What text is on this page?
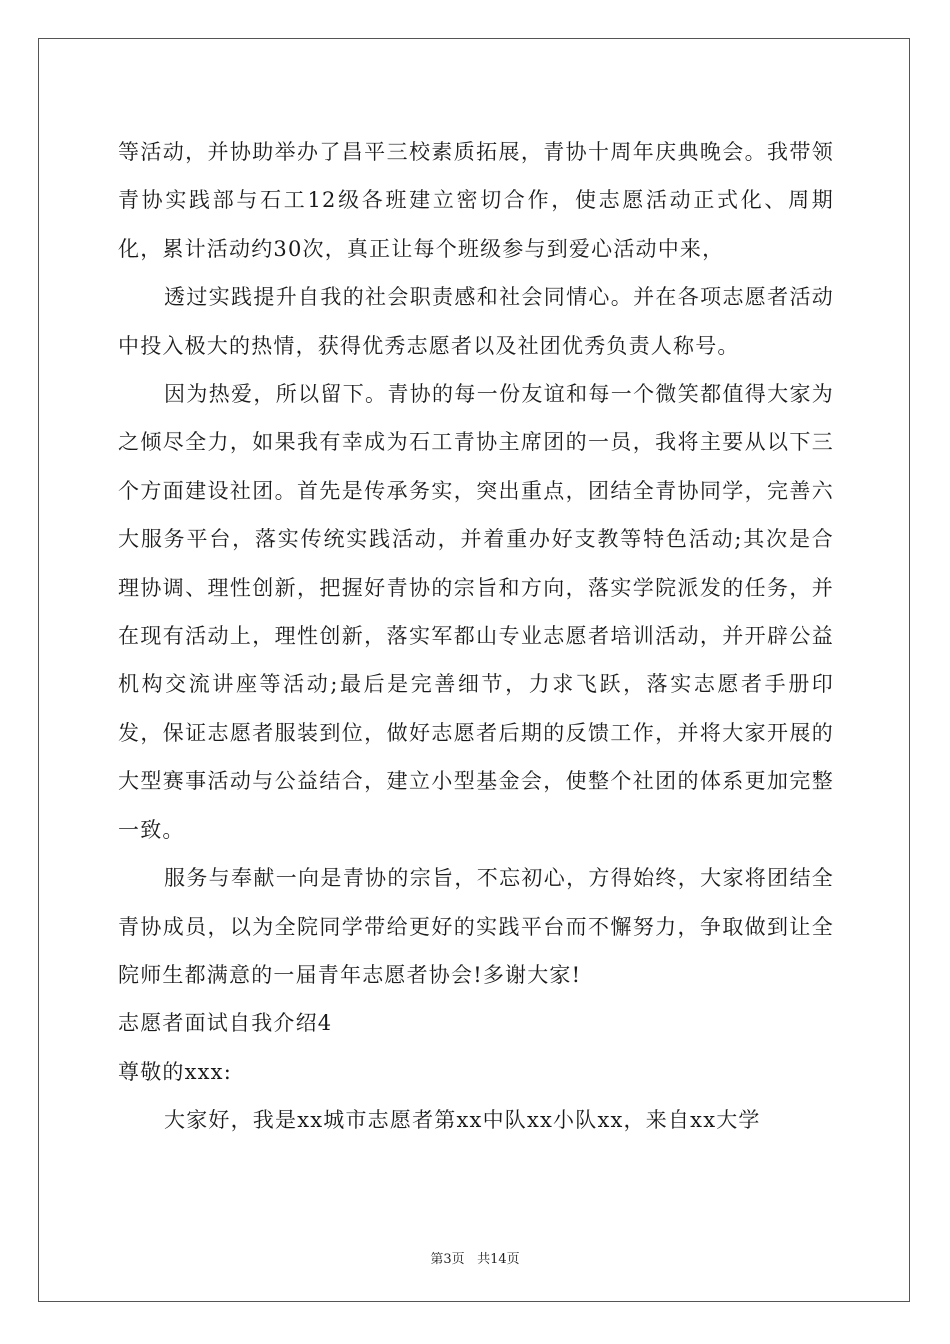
等活动，并协助举办了昌平三校素质拓展，青协十周年庆典晚会。我带领青协实践部与石工12级各班建立密切合作，使志愿活动正式化、周期化，累计活动约30次，真正让每个班级参与到爱心活动中来，

透过实践提升自我的社会职责感和社会同情心。并在各项志愿者活动中投入极大的热情，获得优秀志愿者以及社团优秀负责人称号。

因为热爱，所以留下。青协的每一份友谊和每一个微笑都值得大家为之倾尽全力，如果我有幸成为石工青协主席团的一员，我将主要从以下三个方面建设社团。首先是传承务实，突出重点，团结全青协同学，完善六大服务平台，落实传统实践活动，并着重办好支教等特色活动;其次是合理协调、理性创新，把握好青协的宗旨和方向，落实学院派发的任务，并在现有活动上，理性创新，落实军都山专业志愿者培训活动，并开辟公益机构交流讲座等活动;最后是完善细节，力求飞跃，落实志愿者手册印发，保证志愿者服装到位，做好志愿者后期的反馈工作，并将大家开展的大型赛事活动与公益结合，建立小型基金会，使整个社团的体系更加完整一致。

服务与奉献一向是青协的宗旨，不忘初心，方得始终，大家将团结全青协成员，以为全院同学带给更好的实践平台而不懈努力，争取做到让全院师生都满意的一届青年志愿者协会!多谢大家!

志愿者面试自我介绍4

尊敬的xxx:

大家好，我是xx城市志愿者第xx中队xx小队xx，来自xx大学

第3页 共14页
